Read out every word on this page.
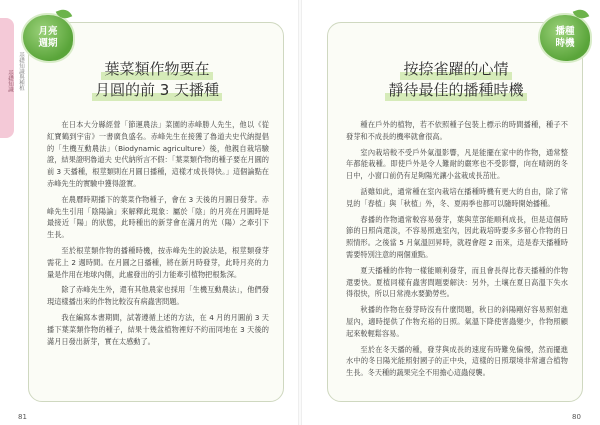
基礎知識 基礎知識與種植
月亮
週期
葉菜類作物要在
月圓的前 3 天播種

在日本大分縣經營「節運農法」菜園的赤峰勝人先生，他以《從紅寶鶴到宇宙》一書廣負盛名。赤峰先生在接獲了魯道夫史代納提倡的「生機互動農法」（Biodynamic agriculture）後，他親自栽培驗證，結果證明魯道夫 史代納所言不假：「葉菜類作物的種子要在月圓的前 3 天播種，根莖類則在月圓日播種，這樣才成長得快。」這個論點在赤峰先生的實驗中獲得證實。

在農曆時期播下的葉菜作物種子，會在 3 天後的月圓日發芽。赤峰先生引用「陰陽論」來解釋此現象：屬於「陰」的月亮在月圓時是最接近「陽」的狀態，此時種出的新芽會在滿月的光（陽）之牽引下生長。

至於根莖類作物的播種時機，按赤峰先生的說法是，根莖類發芽需花上 2 週時間。在月圓之日播種，將在新月時發芽，此時月亮的力量是作用在地球內側，此處發出的引力能牽引植物把根紮深。

除了赤峰先生外，還有其他農家也採用「生機互動農法」，他們發現這樣播出來的作物比較沒有病蟲害問題。

我在編寫本書期間，試著遵循上述的方法，在 4 月的月圓前 3 天播下葉菜類作物的種子，結果十幾盆植物裡好不約而同地在 3 天後的滿月日發出新芽，實在太感動了。

81
播種
時機
按捺雀躍的心情
靜待最佳的播種時機

種在戶外的植物，若不依照種子包裝上標示的時間播種，種子不發芽和不成長的機率就會很高。

室內栽培較不受戶外氣溫影響，凡是能擺在家中的作物，通常整年都能栽種。即使戶外是令人難耐的嚴寒也不受影響，向在晴朗的冬日中，小窗口前仍有足夠陽光讓小盆栽成長茁壯。

話雖如此，通常種在室內栽培在播種時機有更大的自由，除了常見的「春植」與「秋植」外，冬、夏兩季也都可以隨時開始播種。

春播的作物通常較容易發芽，葉與莖部能順利成長，但是這個時節的日照尚還淡，不容易照進室內，因此栽培時要多多留心作物的日照情形。之後當 5 月氣溫回昇時，就趕會趕 2 而來，這是春天播種時需要特別注意的兩個重點。

夏天播種的作物一樣能順利發芽，而且會長得比春天播種的作物還要快。夏植同樣有蟲害問題要解決：另外，土壤在夏日高溫下失水得很快，所以日常澆水要勤勞些。

秋播的作物在發芽時沒有什麼問題，秋日的斜陽剛好容易照射進屋內，適時提供了作物充裕的日照。氣溫下降使害蟲變少，作物照顧起來較輕鬆容易。

至於在冬天播的種，發芽與成長的速度有時難免偏慢，然而擺進水中的冬日陽光能照射國子的正中央，這樣的日照環境非常適合植物生長。冬天種的蔬果完全不用擔心這蟲侵襲。

80
